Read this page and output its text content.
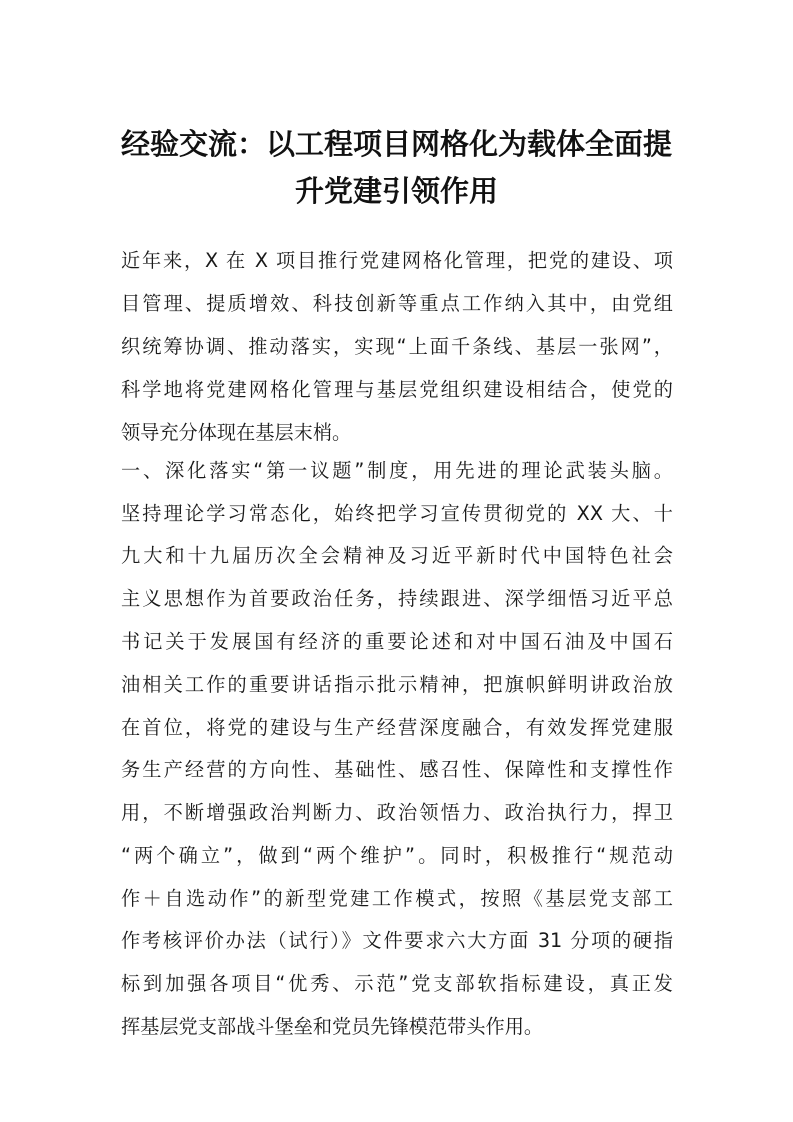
经验交流：以工程项目网格化为载体全面提
升党建引领作用
近年来，X 在 X 项目推行党建网格化管理，把党的建设、项
目管理、提质增效、科技创新等重点工作纳入其中，由党组
织统筹协调、推动落实，实现“上面千条线、基层一张网”，
科学地将党建网格化管理与基层党组织建设相结合，使党的
领导充分体现在基层末梢。
一、深化落实“第一议题”制度，用先进的理论武装头脑。
坚持理论学习常态化，始终把学习宣传贯彻党的 XX 大、十
九大和十九届历次全会精神及习近平新时代中国特色社会
主义思想作为首要政治任务，持续跟进、深学细悟习近平总
书记关于发展国有经济的重要论述和对中国石油及中国石
油相关工作的重要讲话指示批示精神，把旗帜鲜明讲政治放
在首位，将党的建设与生产经营深度融合，有效发挥党建服
务生产经营的方向性、基础性、感召性、保障性和支撑性作
用，不断增强政治判断力、政治领悟力、政治执行力，捍卫
“两个确立”，做到“两个维护”。同时，积极推行“规范动
作＋自选动作”的新型党建工作模式，按照《基层党支部工
作考核评价办法（试行）》文件要求六大方面 31 分项的硬指
标到加强各项目“优秀、示范”党支部软指标建设，真正发
挥基层党支部战斗堡垒和党员先锋模范带头作用。
